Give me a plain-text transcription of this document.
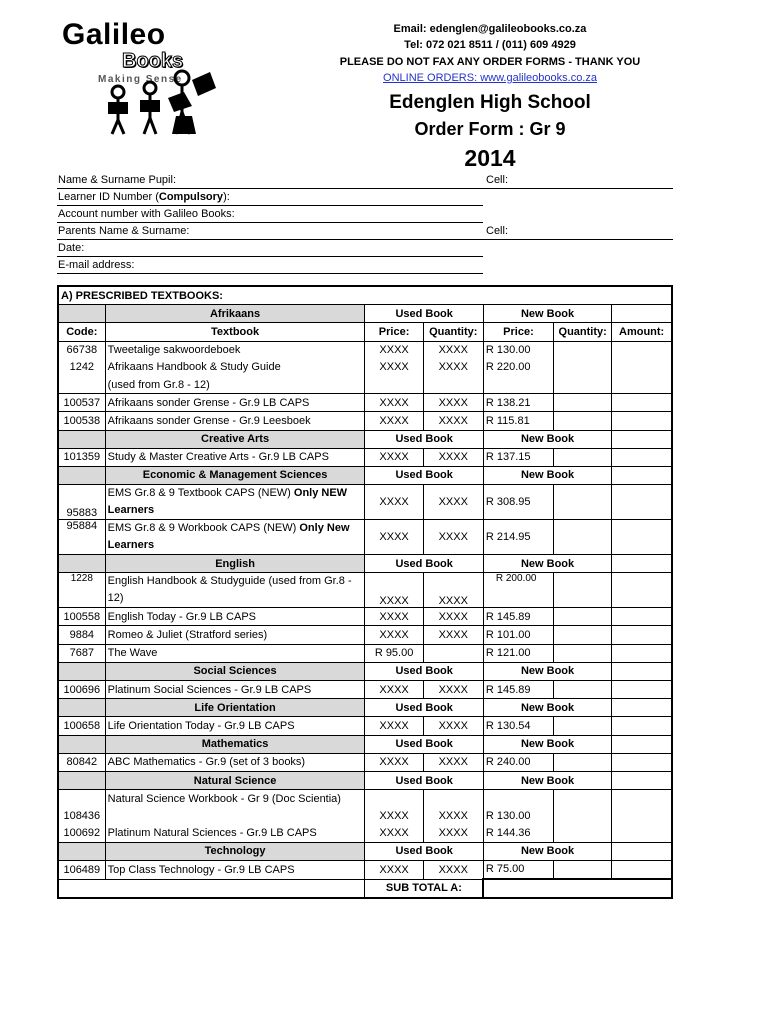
Galileo
Books
Making Sense
Email: edenglen@galileobooks.co.za
Tel: 072 021 8511 / (011) 609 4929
PLEASE DO NOT FAX ANY ORDER FORMS - THANK YOU
ONLINE ORDERS: www.galileobooks.co.za
Edenglen High School
Order Form : Gr 9
2014
Name & Surname Pupil:	Cell:
Learner ID Number (Compulsory):
Account number with Galileo Books:
Parents Name & Surname:	Cell:
Date:
E-mail address:
A) PRESCRIBED TEXTBOOKS:						
	Afrikaans	Used Book		New Book		
Code:	Textbook	Price:	Quantity:	Price:	Quantity:	Amount:
66738	Tweetalige sakwoordeboek	XXXX	XXXX	R 130.00		
1242	Afrikaans Handbook & Study Guide	XXXX	XXXX	R 220.00		
	(used from Gr.8 - 12)					
100537	Afrikaans sonder Grense - Gr.9 LB CAPS	XXXX	XXXX	R 138.21		
100538	Afrikaans sonder Grense - Gr.9 Leesboek	XXXX	XXXX	R 115.81		
	Creative Arts	Used Book		New Book		
101359	Study & Master Creative Arts - Gr.9 LB CAPS	XXXX	XXXX	R 137.15		
	Economic & Management Sciences	Used Book		New Book		
95883	EMS Gr.8 & 9 Textbook CAPS (NEW) Only NEW
Learners	XXXX	XXXX	R 308.95		
95884	EMS Gr.8 & 9 Workbook CAPS (NEW) Only New
Learners	XXXX	XXXX	R 214.95		
	English	Used Book		New Book		
1228	English Handbook & Studyguide (used from Gr.8 -
12)	XXXX	XXXX	R 200.00		
100558	English Today - Gr.9 LB CAPS	XXXX	XXXX	R 145.89		
9884	Romeo & Juliet (Stratford series)	XXXX	XXXX	R 101.00		
7687	The Wave	R 95.00		R 121.00		
	Social Sciences	Used Book		New Book		
100696	Platinum Social Sciences - Gr.9 LB CAPS	XXXX	XXXX	R 145.89		
	Life Orientation	Used Book		New Book		
100658	Life Orientation Today - Gr.9 LB CAPS	XXXX	XXXX	R 130.54		
	Mathematics	Used Book		New Book		
80842	ABC Mathematics - Gr.9 (set of 3 books)	XXXX	XXXX	R 240.00		
	Natural Science	Used Book		New Book		
	Natural Science Workbook - Gr 9 (Doc Scientia)					
108436		XXXX	XXXX	R 130.00		
100692	Platinum Natural Sciences - Gr.9 LB CAPS	XXXX	XXXX	R 144.36		
	Technology	Used Book		New Book		
106489	Top Class Technology - Gr.9 LB CAPS	XXXX	XXXX	R 75.00		
		SUB TOTAL A:				
